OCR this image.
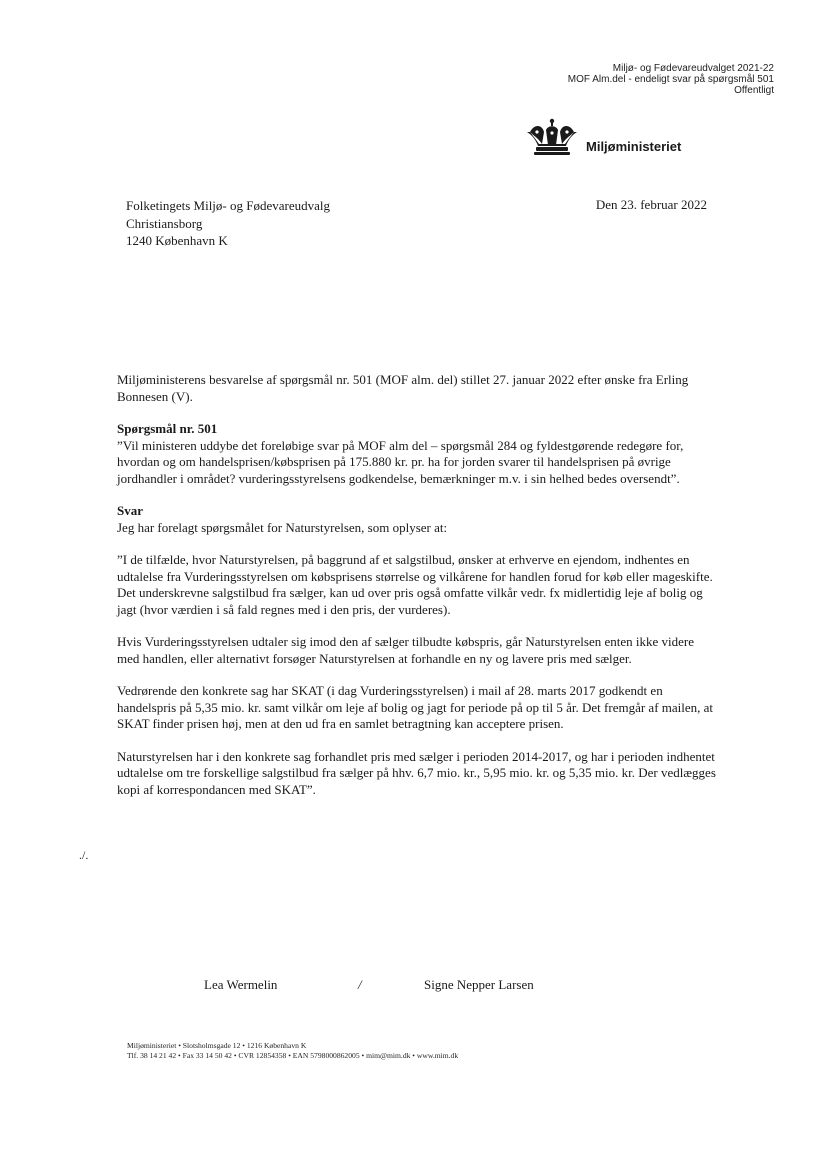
Miljø- og Fødevareudvalget 2021-22
MOF Alm.del - endeligt svar på spørgsmål 501
Offentligt
Miljøministeriet
Folketingets Miljø- og Fødevareudvalg
Christiansborg
1240 København K
Den 23. februar 2022

Miljøministerens besvarelse af spørgsmål nr. 501 (MOF alm. del) stillet 27. januar 2022 efter ønske fra Erling Bonnesen (V).

Spørgsmål nr. 501

”Vil ministeren uddybe det foreløbige svar på MOF alm del – spørgsmål 284 og fyldestgørende redegøre for, hvordan og om handelsprisen/købsprisen på 175.880 kr. pr. ha for jorden svarer til handelsprisen på øvrige jordhandler i området? vurderingsstyrelsens godkendelse, bemærkninger m.v. i sin helhed bedes oversendt”.

Svar

Jeg har forelagt spørgsmålet for Naturstyrelsen, som oplyser at:

”I de tilfælde, hvor Naturstyrelsen, på baggrund af et salgstilbud, ønsker at erhverve en ejendom, indhentes en udtalelse fra Vurderingsstyrelsen om købsprisens størrelse og vilkårene for handlen forud for køb eller mageskifte. Det underskrevne salgstilbud fra sælger, kan ud over pris også omfatte vilkår vedr. fx midlertidig leje af bolig og jagt (hvor værdien i så fald regnes med i den pris, der vurderes).

Hvis Vurderingsstyrelsen udtaler sig imod den af sælger tilbudte købspris, går Naturstyrelsen enten ikke videre med handlen, eller alternativt forsøger Naturstyrelsen at forhandle en ny og lavere pris med sælger.

Vedrørende den konkrete sag har SKAT (i dag Vurderingsstyrelsen) i mail af 28. marts 2017 godkendt en handelspris på 5,35 mio. kr. samt vilkår om leje af bolig og jagt for periode på op til 5 år. Det fremgår af mailen, at SKAT finder prisen høj, men at den ud fra en samlet betragtning kan acceptere prisen.

Naturstyrelsen har i den konkrete sag forhandlet pris med sælger i perioden 2014-2017, og har i perioden indhentet udtalelse om tre forskellige salgstilbud fra sælger på hhv. 6,7 mio. kr., 5,95 mio. kr. og 5,35 mio. kr. Der vedlægges kopi af korrespondancen med SKAT”.

./.
Lea Wermelin	/	Signe Nepper Larsen
Miljøministeriet • Slotsholmsgade 12 • 1216 København K
Tlf. 38 14 21 42 • Fax 33 14 50 42 • CVR 12854358 • EAN 5798000862005 • mim@mim.dk • www.mim.dk
